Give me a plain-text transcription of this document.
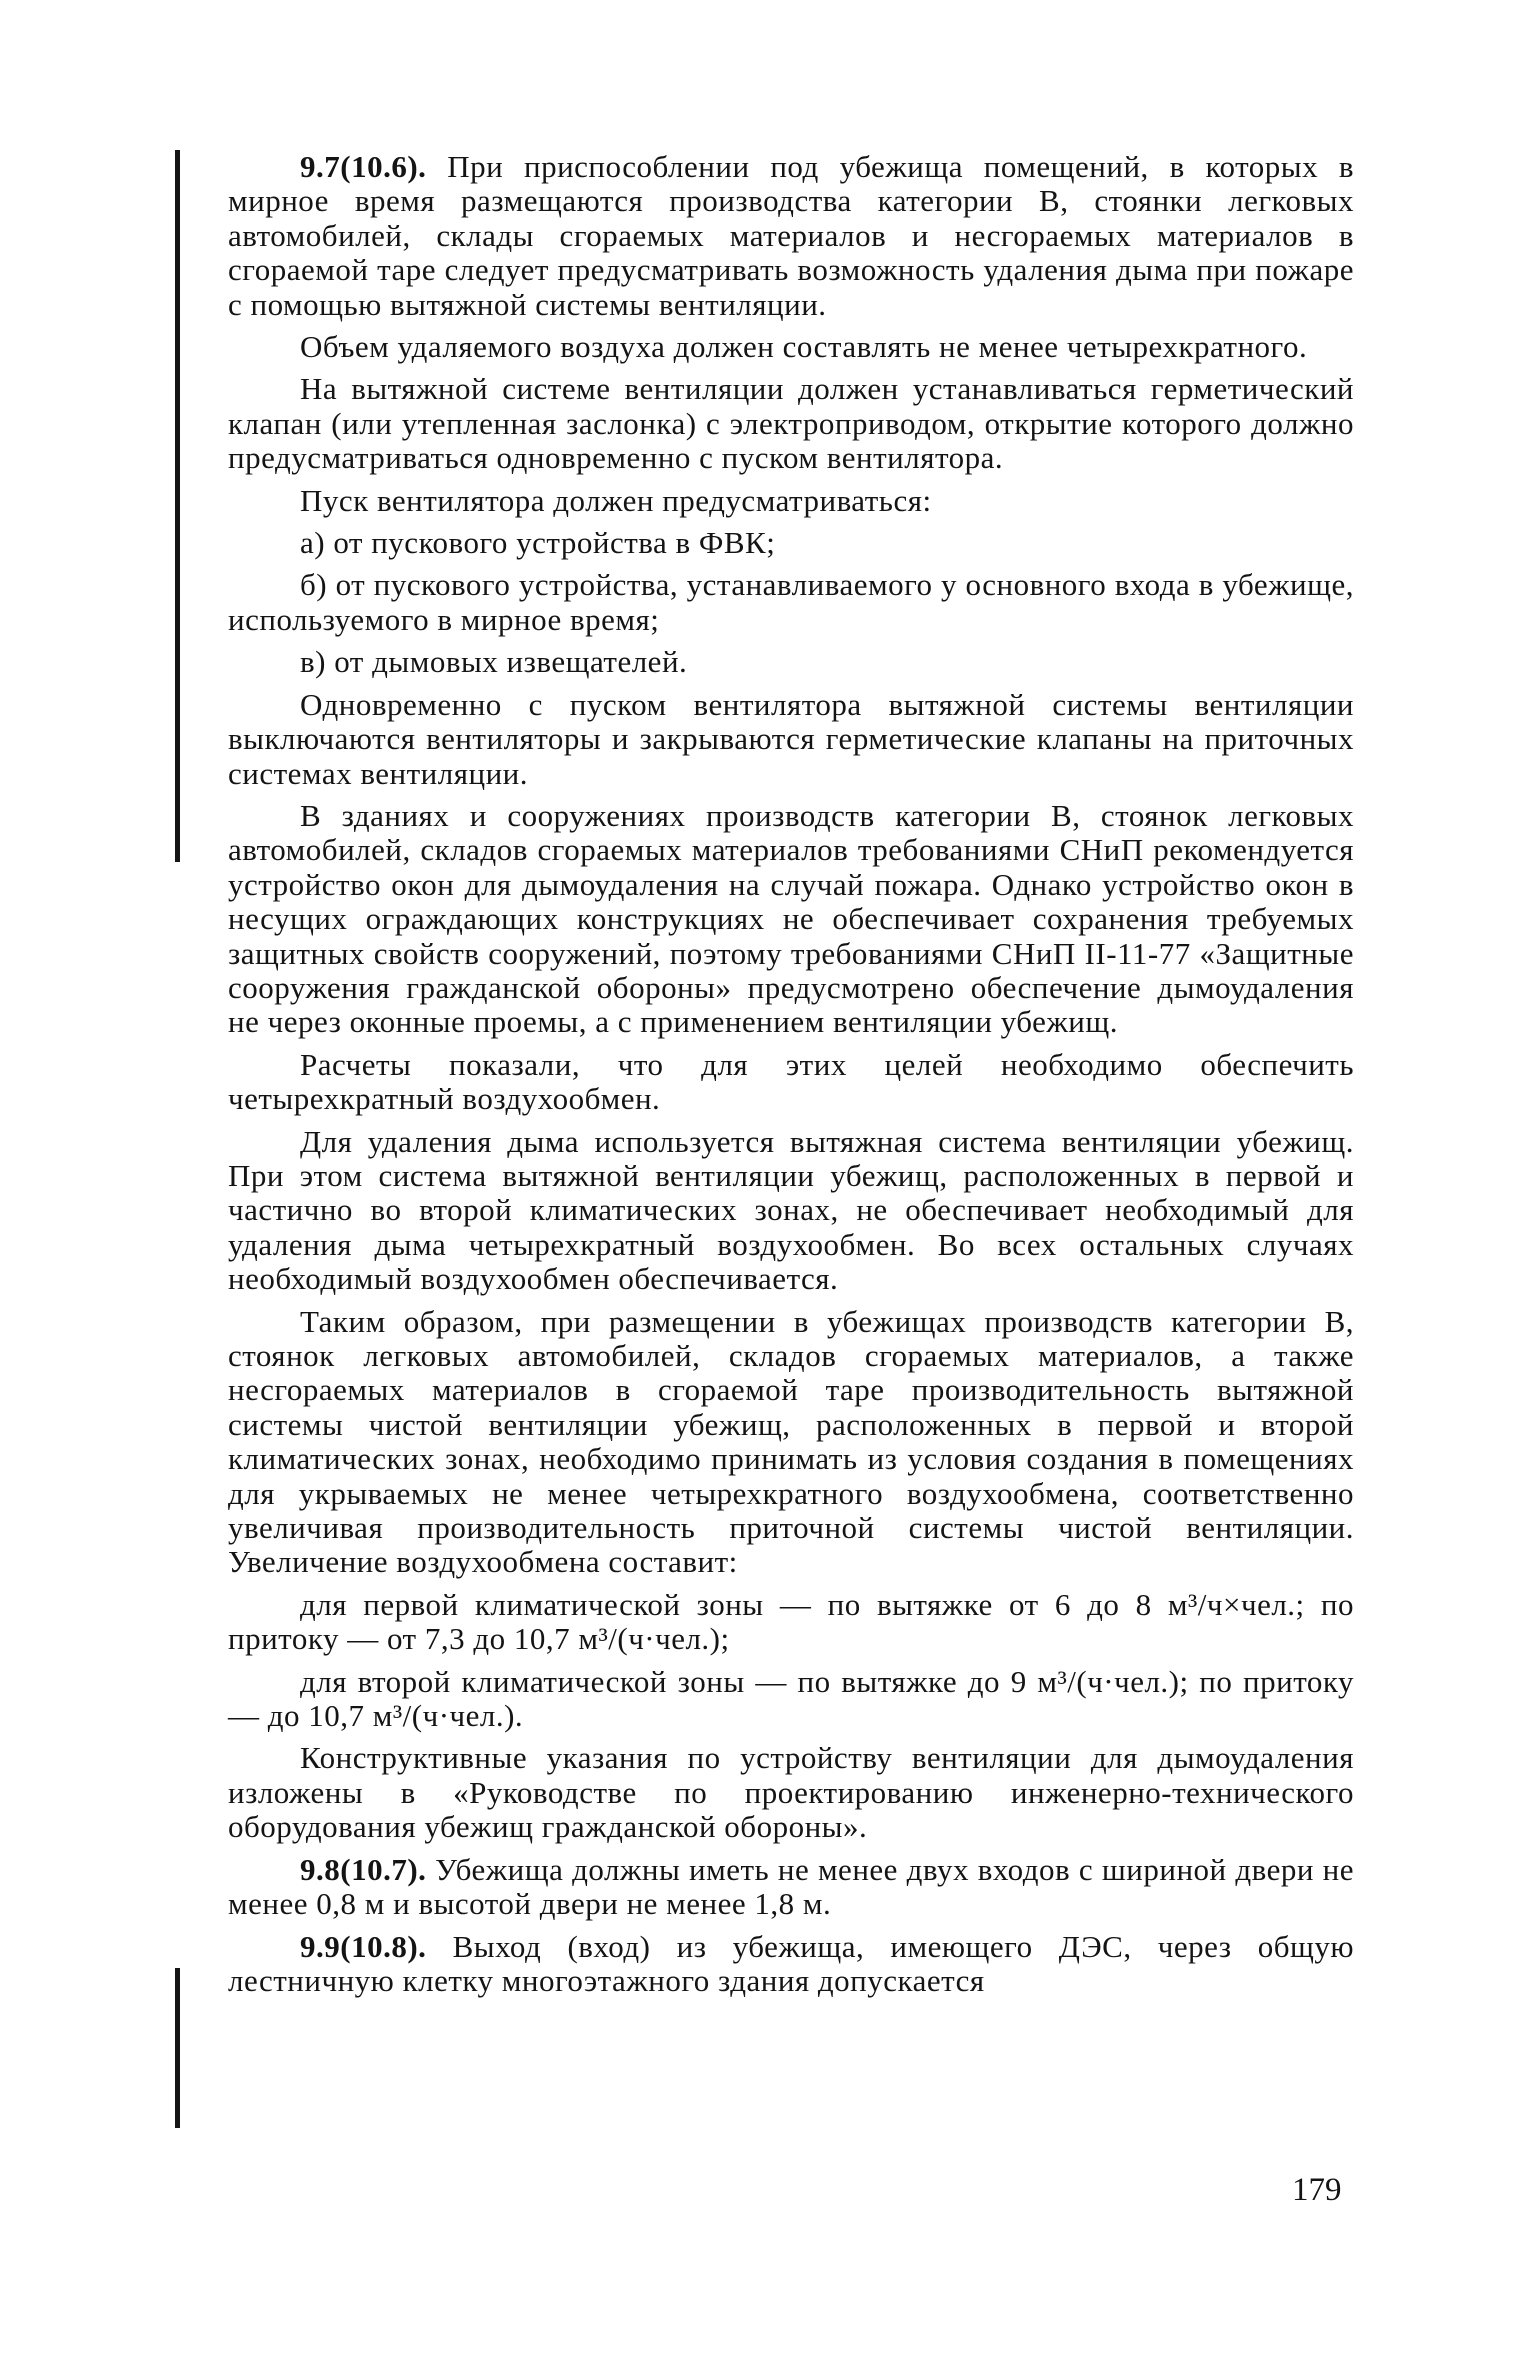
9.7(10.6). При приспособлении под убежища помещений, в которых в мирное время размещаются производства категории В, стоянки легковых автомобилей, склады сгораемых материалов и несгораемых материалов в сгораемой таре следует предусматривать возможность удаления дыма при пожаре с помощью вытяжной системы вентиляции.

Объем удаляемого воздуха должен составлять не менее четырехкратного.

На вытяжной системе вентиляции должен устанавливаться герметический клапан (или утепленная заслонка) с электроприводом, открытие которого должно предусматриваться одновременно с пуском вентилятора.

Пуск вентилятора должен предусматриваться:

а) от пускового устройства в ФВК;

б) от пускового устройства, устанавливаемого у основного входа в убежище, используемого в мирное время;

в) от дымовых извещателей.

Одновременно с пуском вентилятора вытяжной системы вентиляции выключаются вентиляторы и закрываются герметические клапаны на приточных системах вентиляции.

В зданиях и сооружениях производств категории В, стоянок легковых автомобилей, складов сгораемых материалов требованиями СНиП рекомендуется устройство окон для дымоудаления на случай пожара. Однако устройство окон в несущих ограждающих конструкциях не обеспечивает сохранения требуемых защитных свойств сооружений, поэтому требованиями СНиП II-11-77 «Защитные сооружения гражданской обороны» предусмотрено обеспечение дымоудаления не через оконные проемы, а с применением вентиляции убежищ.

Расчеты показали, что для этих целей необходимо обеспечить четырехкратный воздухообмен.

Для удаления дыма используется вытяжная система вентиляции убежищ. При этом система вытяжной вентиляции убежищ, расположенных в первой и частично во второй климатических зонах, не обеспечивает необходимый для удаления дыма четырехкратный воздухообмен. Во всех остальных случаях необходимый воздухообмен обеспечивается.

Таким образом, при размещении в убежищах производств категории В, стоянок легковых автомобилей, складов сгораемых материалов, а также несгораемых материалов в сгораемой таре производительность вытяжной системы чистой вентиляции убежищ, расположенных в первой и второй климатических зонах, необходимо принимать из условия создания в помещениях для укрываемых не менее четырехкратного воздухообмена, соответственно увеличивая производительность приточной системы чистой вентиляции. Увеличение воздухообмена составит:

для первой климатической зоны — по вытяжке от 6 до 8 м³/ч×чел.; по притоку — от 7,3 до 10,7 м³/(ч·чел.);

для второй климатической зоны — по вытяжке до 9 м³/(ч·чел.); по притоку — до 10,7 м³/(ч·чел.).

Конструктивные указания по устройству вентиляции для дымоудаления изложены в «Руководстве по проектированию инженерно-технического оборудования убежищ гражданской обороны».

9.8(10.7). Убежища должны иметь не менее двух входов с шириной двери не менее 0,8 м и высотой двери не менее 1,8 м.

9.9(10.8). Выход (вход) из убежища, имеющего ДЭС, через общую лестничную клетку многоэтажного здания допускается

179
